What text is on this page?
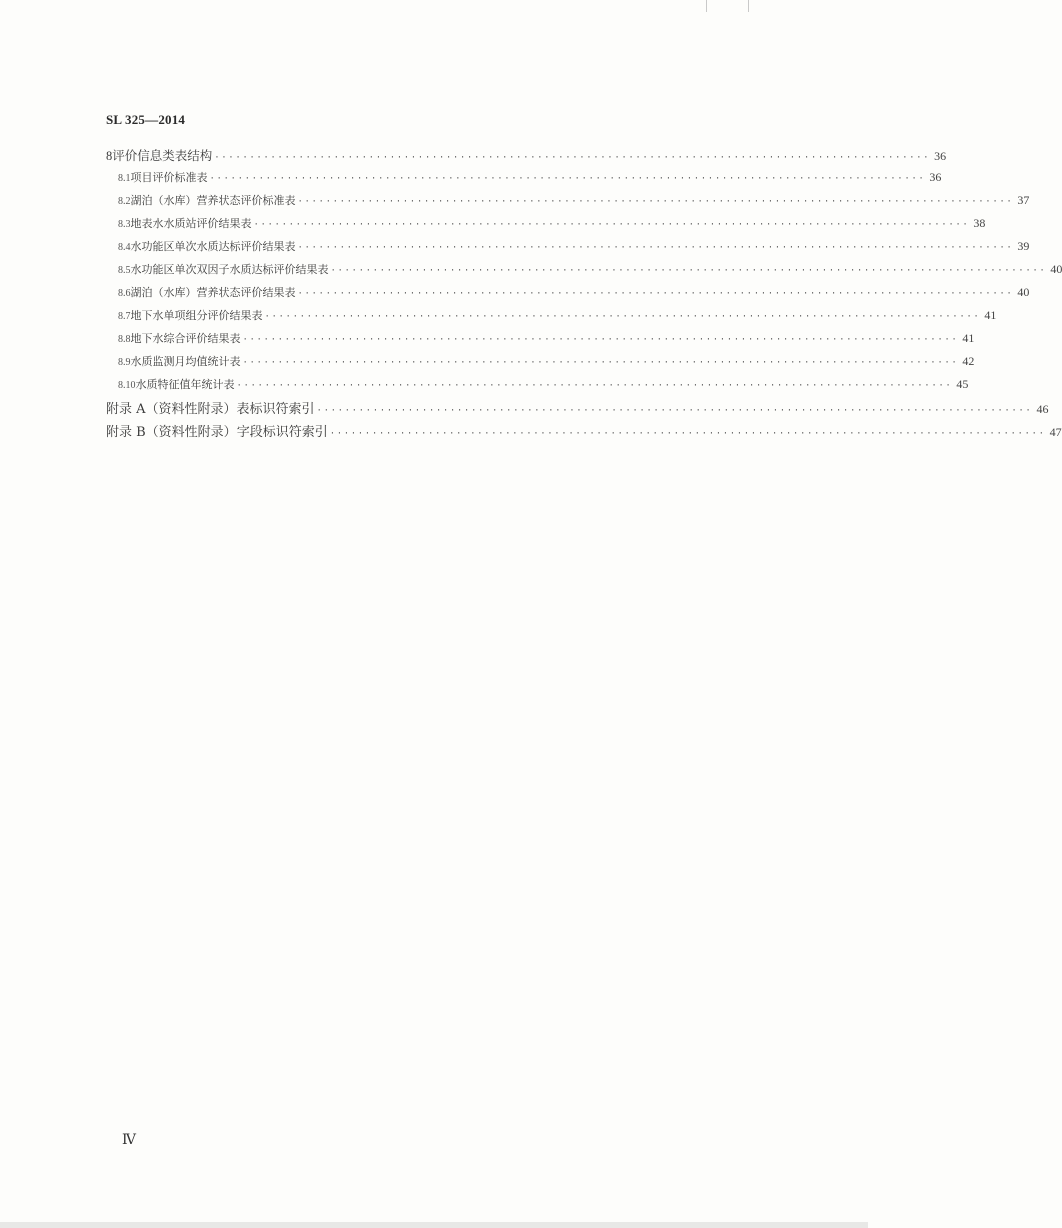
SL 325—2014
8 评价信息类表结构 ······································································································ 36
8.1 项目评价标准表 ······································································································ 36
8.2 湖泊（水库）营养状态评价标准表 ······································································································ 37
8.3 地表水水质站评价结果表 ······································································································ 38
8.4 水功能区单次水质达标评价结果表 ······································································································ 39
8.5 水功能区单次双因子水质达标评价结果表 ······································································································ 40
8.6 湖泊（水库）营养状态评价结果表 ······································································································ 40
8.7 地下水单项组分评价结果表 ······································································································ 41
8.8 地下水综合评价结果表 ······································································································ 41
8.9 水质监测月均值统计表 ······································································································ 42
8.10 水质特征值年统计表 ······································································································ 45
附录 A（资料性附录） 表标识符索引 ······································································································ 46
附录 B（资料性附录） 字段标识符索引 ······································································································ 47
Ⅳ
